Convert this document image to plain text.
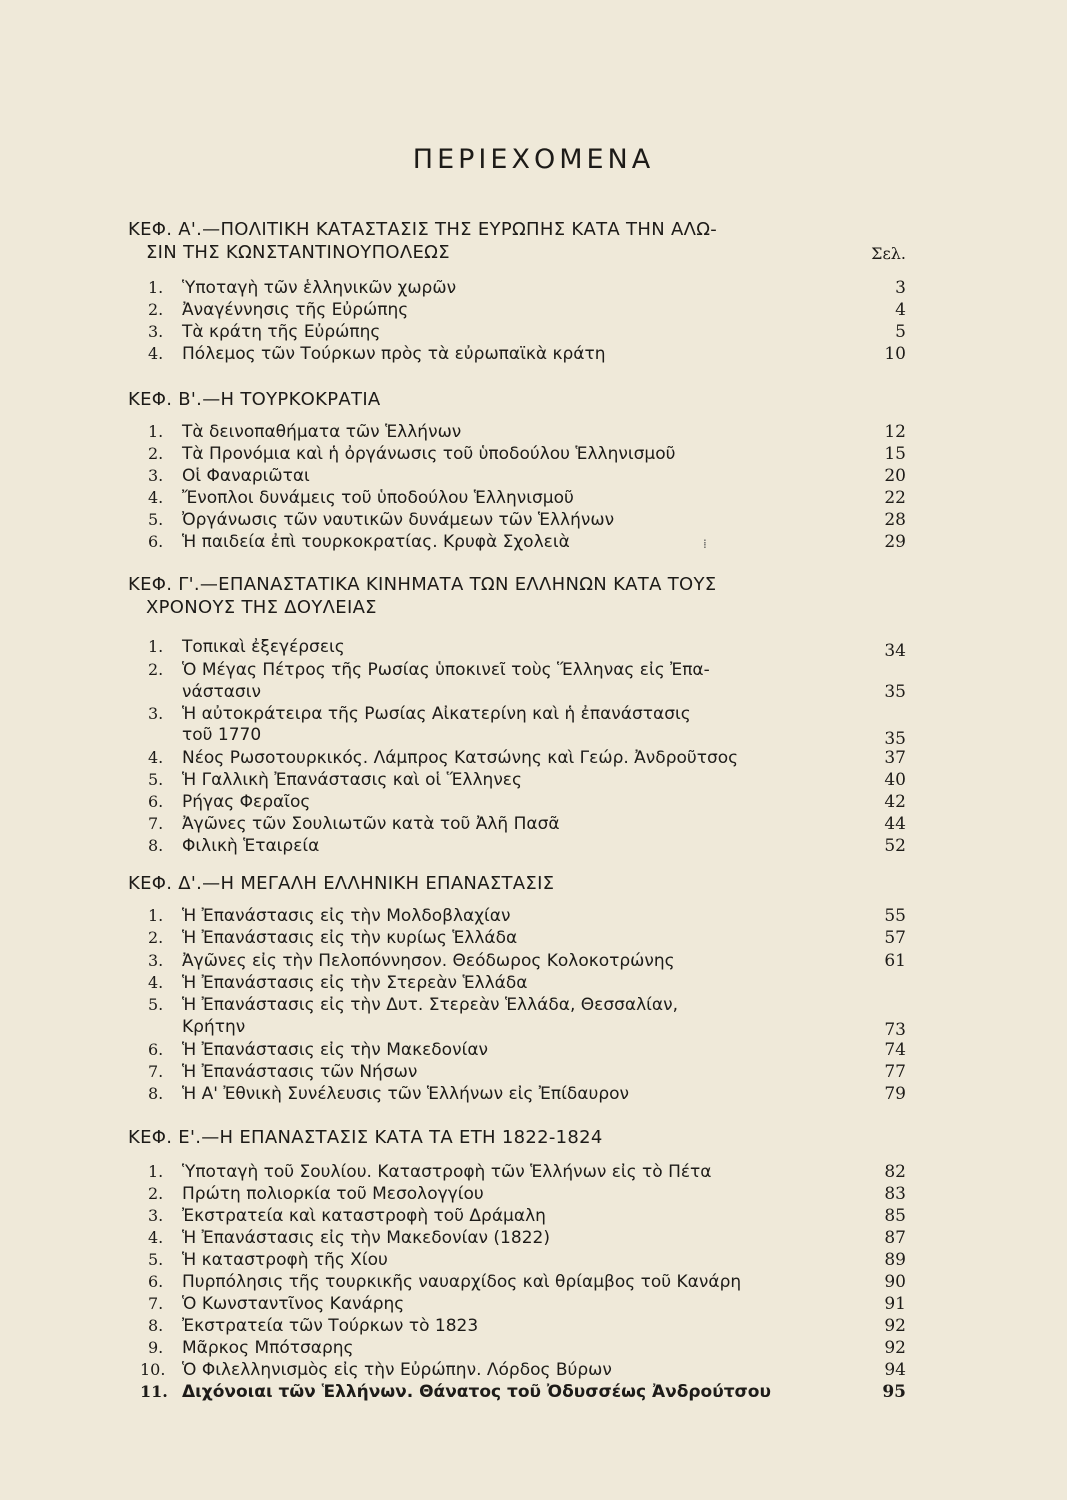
ΠΕΡΙΕΧΟΜΕΝΑ
ΚΕΦ. Α'.—ΠΟΛΙΤΙΚΗ ΚΑΤΑΣΤΑΣΙΣ ΤΗΣ ΕΥΡΩΠΗΣ ΚΑΤΑ ΤΗΝ ΑΛΩ-
ΣΙΝ ΤΗΣ ΚΩΝΣΤΑΝΤΙΝΟΥΠΟΛΕΩΣ	Σελ.
1.	Ὑποταγὴ τῶν ἑλληνικῶν χωρῶν	3
2.	Ἀναγέννησις τῆς Εὐρώπης	4
3.	Τὰ κράτη τῆς Εὐρώπης	5
4.	Πόλεμος τῶν Τούρκων πρὸς τὰ εὐρωπαϊκὰ κράτη	10
ΚΕΦ. Β'.—Η ΤΟΥΡΚΟΚΡΑΤΙΑ
1.	Τὰ δεινοπαθήματα τῶν Ἑλλήνων	12
2.	Τὰ Προνόμια καὶ ἡ ὀργάνωσις τοῦ ὑποδούλου Ἑλληνισμοῦ	15
3.	Οἱ Φαναριῶται	20
4.	Ἔνοπλοι δυνάμεις τοῦ ὑποδούλου Ἑλληνισμοῦ	22
5.	Ὀργάνωσις τῶν ναυτικῶν δυνάμεων τῶν Ἑλλήνων	28
6.	Ἡ παιδεία ἐπὶ τουρκοκρατίας. Κρυφὰ Σχολειὰ	29
⁞
ΚΕΦ. Γ'.—ΕΠΑΝΑΣΤΑΤΙΚΑ ΚΙΝΗΜΑΤΑ ΤΩΝ ΕΛΛΗΝΩΝ ΚΑΤΑ ΤΟΥΣ
ΧΡΟΝΟΥΣ ΤΗΣ ΔΟΥΛΕΙΑΣ
1.	Τοπικαὶ ἐξεγέρσεις	34
2.	Ὁ Μέγας Πέτρος τῆς Ρωσίας ὑποκινεῖ τοὺς Ἕλληνας εἰς Ἐπα-
νάστασιν	35
3.	Ἡ αὐτοκράτειρα τῆς Ρωσίας Αἰκατερίνη καὶ ἡ ἐπανάστασις
τοῦ 1770	35
4.	Νέος Ρωσοτουρκικός. Λάμπρος Κατσώνης καὶ Γεώρ. Ἀνδροῦτσος	37
5.	Ἡ Γαλλικὴ Ἐπανάστασις καὶ οἱ Ἕλληνες	40
6.	Ρήγας Φεραῖος	42
7.	Ἀγῶνες τῶν Σουλιωτῶν κατὰ τοῦ Ἀλῆ Πασᾶ	44
8.	Φιλικὴ Ἑταιρεία	52
ΚΕΦ. Δ'.—Η ΜΕΓΑΛΗ ΕΛΛΗΝΙΚΗ ΕΠΑΝΑΣΤΑΣΙΣ
1.	Ἡ Ἐπανάστασις εἰς τὴν Μολδοβλαχίαν	55
2.	Ἡ Ἐπανάστασις εἰς τὴν κυρίως Ἑλλάδα	57
3.	Ἀγῶνες εἰς τὴν Πελοπόννησον. Θεόδωρος Κολοκοτρώνης	61
4.	Ἡ Ἐπανάστασις εἰς τὴν Στερεὰν Ἑλλάδα
5.	Ἡ Ἐπανάστασις εἰς τὴν Δυτ. Στερεὰν Ἑλλάδα, Θεσσαλίαν,
Κρήτην	73
6.	Ἡ Ἐπανάστασις εἰς τὴν Μακεδονίαν	74
7.	Ἡ Ἐπανάστασις τῶν Νήσων	77
8.	Ἡ Α' Ἐθνικὴ Συνέλευσις τῶν Ἑλλήνων εἰς Ἐπίδαυρον	79
ΚΕΦ. Ε'.—Η ΕΠΑΝΑΣΤΑΣΙΣ ΚΑΤΑ ΤΑ ΕΤΗ 1822-1824
1.	Ὑποταγὴ τοῦ Σουλίου. Καταστροφὴ τῶν Ἑλλήνων εἰς τὸ Πέτα	82
2.	Πρώτη πολιορκία τοῦ Μεσολογγίου	83
3.	Ἐκστρατεία καὶ καταστροφὴ τοῦ Δράμαλη	85
4.	Ἡ Ἐπανάστασις εἰς τὴν Μακεδονίαν (1822)	87
5.	Ἡ καταστροφὴ τῆς Χίου	89
6.	Πυρπόλησις τῆς τουρκικῆς ναυαρχίδος καὶ θρίαμβος τοῦ Κανάρη	90
7.	Ὁ Κωνσταντῖνος Κανάρης	91
8.	Ἐκστρατεία τῶν Τούρκων τὸ 1823	92
9.	Μᾶρκος Μπότσαρης	92
10. Ὁ Φιλελληνισμὸς εἰς τὴν Εὐρώπην. Λόρδος Βύρων	94
11. Διχόνοιαι τῶν Ἑλλήνων. Θάνατος τοῦ Ὀδυσσέως Ἀνδρούτσου	95
